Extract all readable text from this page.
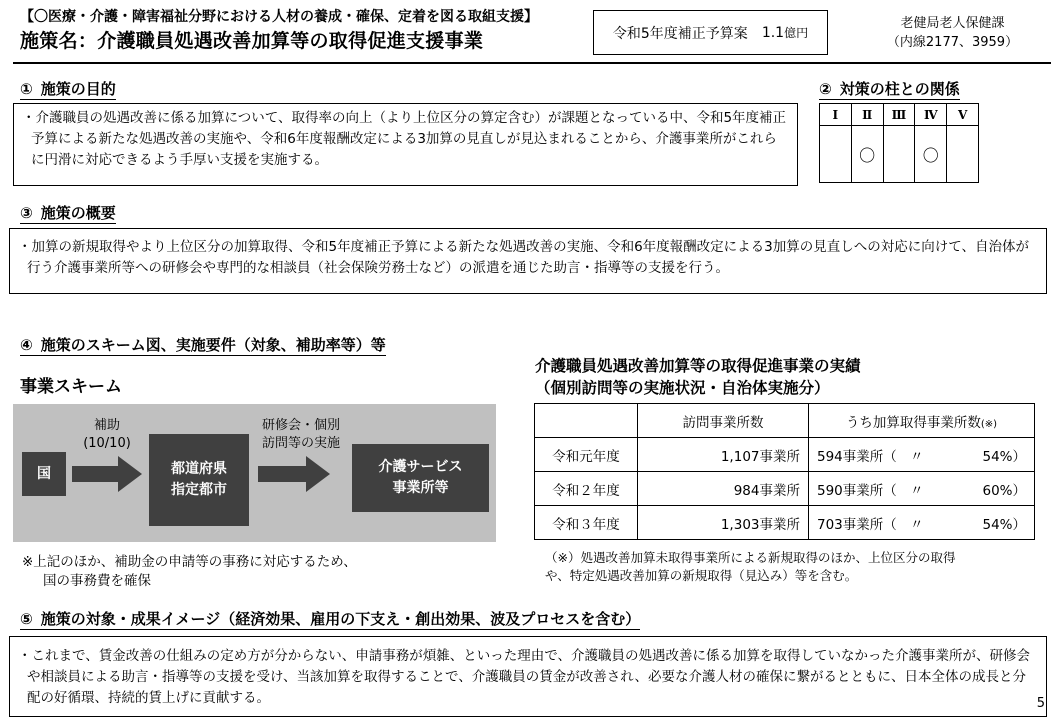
【〇医療・介護・障害福祉分野における人材の養成・確保、定着を図る取組支援】
施策名：介護職員処遇改善加算等の取得促進支援事業	令和5年度補正予算案 1.1 億円
老健局老人保健課
（内線2177、3959）
① 施策の目的
・介護職員の処遇改善に係る加算について、取得率の向上（より上位区分の算定含む）が課題となっている中、令和5年度補正予算による新たな処遇改善の実施や、令和6年度報酬改定による3加算の見直しが見込まれることから、介護事業所がこれらに円滑に対応できるよう手厚い支援を実施する。
② 対策の柱との関係
Ⅰ	Ⅱ	Ⅲ	Ⅳ	Ⅴ
	〇		〇	
③ 施策の概要
・加算の新規取得やより上位区分の加算取得、令和5年度補正予算による新たな処遇改善の実施、令和6年度報酬改定による3加算の見直しへの対応に向けて、自治体が行う介護事業所等への研修会や専門的な相談員（社会保険労務士など）の派遣を通じた助言・指導等の支援を行う。
④ 施策のスキーム図、実施要件（対象、補助率等）等
事業スキーム
国
補助
(10/10)
都道府県
指定都市
研修会・個別
訪問等の実施
介護サービス
事業所等
※上記のほか、補助金の申請等の事務に対応するため、
国の事務費を確保
介護職員処遇改善加算等の取得促進事業の実績
（個別訪問等の実施状況・自治体実施分）
	訪問事業所数	うち加算取得事業所数(※)
令和元年度	1,107事業所	594事業所（ 〃 54%）

令和２年度	984事業所	590事業所（ 〃 60%）

令和３年度	1,303事業所	703事業所（ 〃 54%）
（※）処遇改善加算未取得事業所による新規取得のほか、上位区分の取得
や、特定処遇改善加算の新規取得（見込み）等を含む。
⑤ 施策の対象・成果イメージ（経済効果、雇用の下支え・創出効果、波及プロセスを含む）
・これまで、賃金改善の仕組みの定め方が分からない、申請事務が煩雑、といった理由で、介護職員の処遇改善に係る加算を取得していなかった介護事業所が、研修会や相談員による助言・指導等の支援を受け、当該加算を取得することで、介護職員の賃金が改善され、必要な介護人材の確保に繋がるとともに、日本全体の成長と分配の好循環、持続的賃上げに貢献する。	5
